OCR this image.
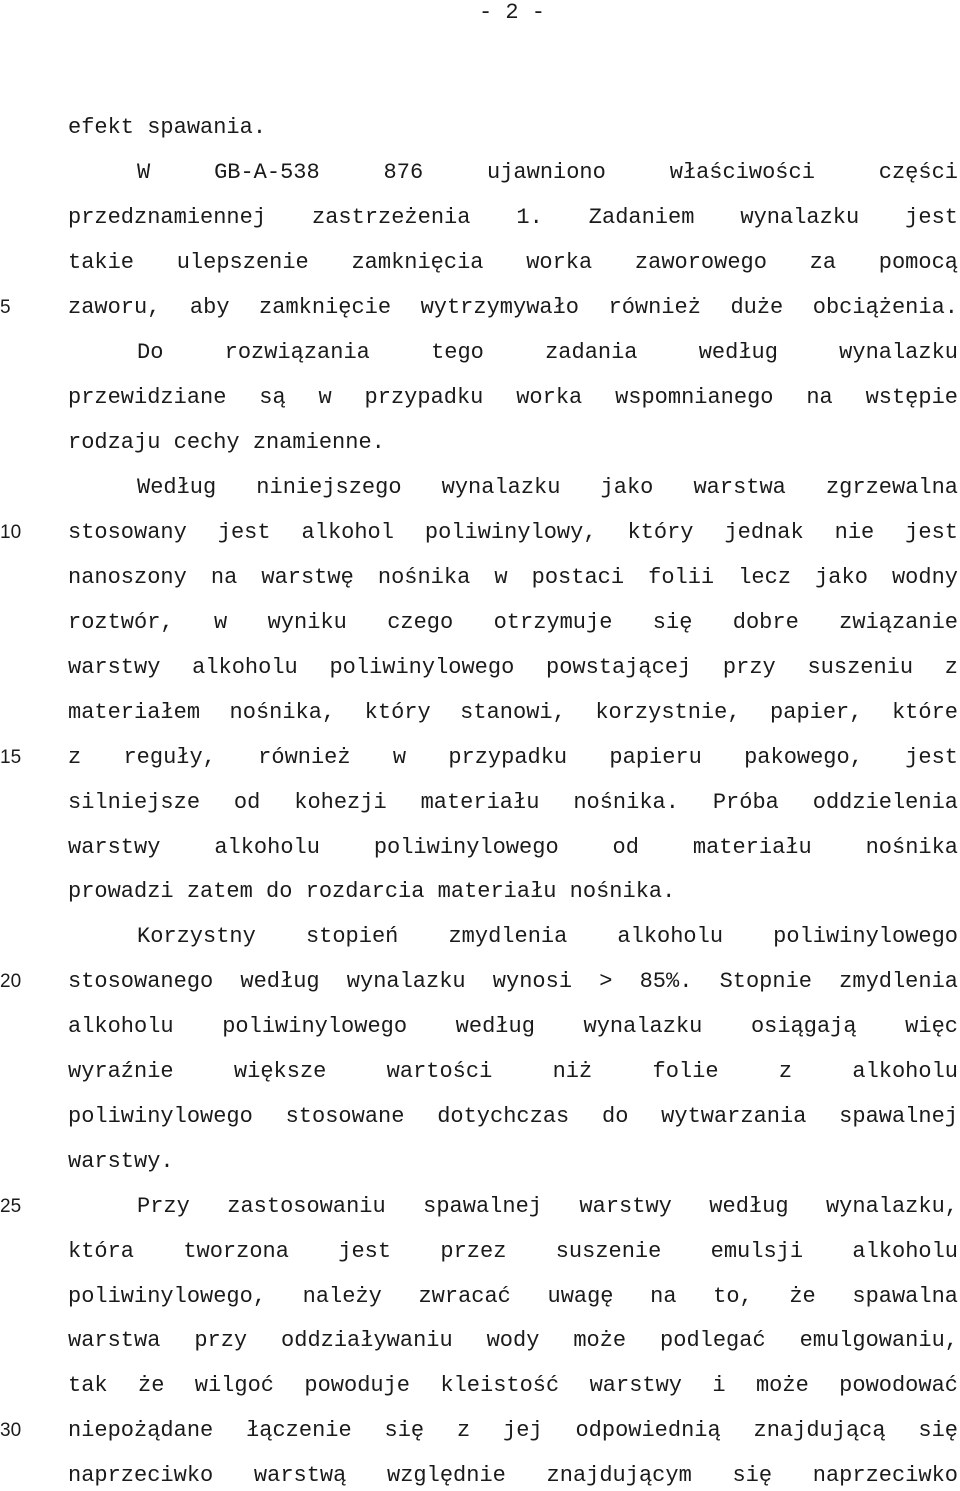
- 2 -
5
10
15
20
25
30
efekt spawania.
W GB-A-538 876 ujawniono właściwości części
przedznamiennej zastrzeżenia 1. Zadaniem wynalazku jest
takie ulepszenie zamknięcia worka zaworowego za pomocą
zaworu, aby zamknięcie wytrzymywało również duże obciążenia.
Do rozwiązania tego zadania według wynalazku
przewidziane są w przypadku worka wspomnianego na wstępie
rodzaju cechy znamienne.
Według niniejszego wynalazku jako warstwa zgrzewalna
stosowany jest alkohol poliwinylowy, który jednak nie jest
nanoszony na warstwę nośnika w postaci folii lecz jako wodny
roztwór, w wyniku czego otrzymuje się dobre związanie
warstwy alkoholu poliwinylowego powstającej przy suszeniu z
materiałem nośnika, który stanowi, korzystnie, papier, które
z reguły, również w przypadku papieru pakowego, jest
silniejsze od kohezji materiału nośnika. Próba oddzielenia
warstwy alkoholu poliwinylowego od materiału nośnika
prowadzi zatem do rozdarcia materiału nośnika.
Korzystny stopień zmydlenia alkoholu poliwinylowego
stosowanego według wynalazku wynosi > 85%. Stopnie zmydlenia
alkoholu poliwinylowego według wynalazku osiągają więc
wyraźnie większe wartości niż folie z alkoholu
poliwinylowego stosowane dotychczas do wytwarzania spawalnej
warstwy.
Przy zastosowaniu spawalnej warstwy według wynalazku,
która tworzona jest przez suszenie emulsji alkoholu
poliwinylowego, należy zwracać uwagę na to, że spawalna
warstwa przy oddziaływaniu wody może podlegać emulgowaniu,
tak że wilgoć powoduje kleistość warstwy i może powodować
niepożądane łączenie się z jej odpowiednią znajdującą się
naprzeciwko warstwą względnie znajdującym się naprzeciwko
